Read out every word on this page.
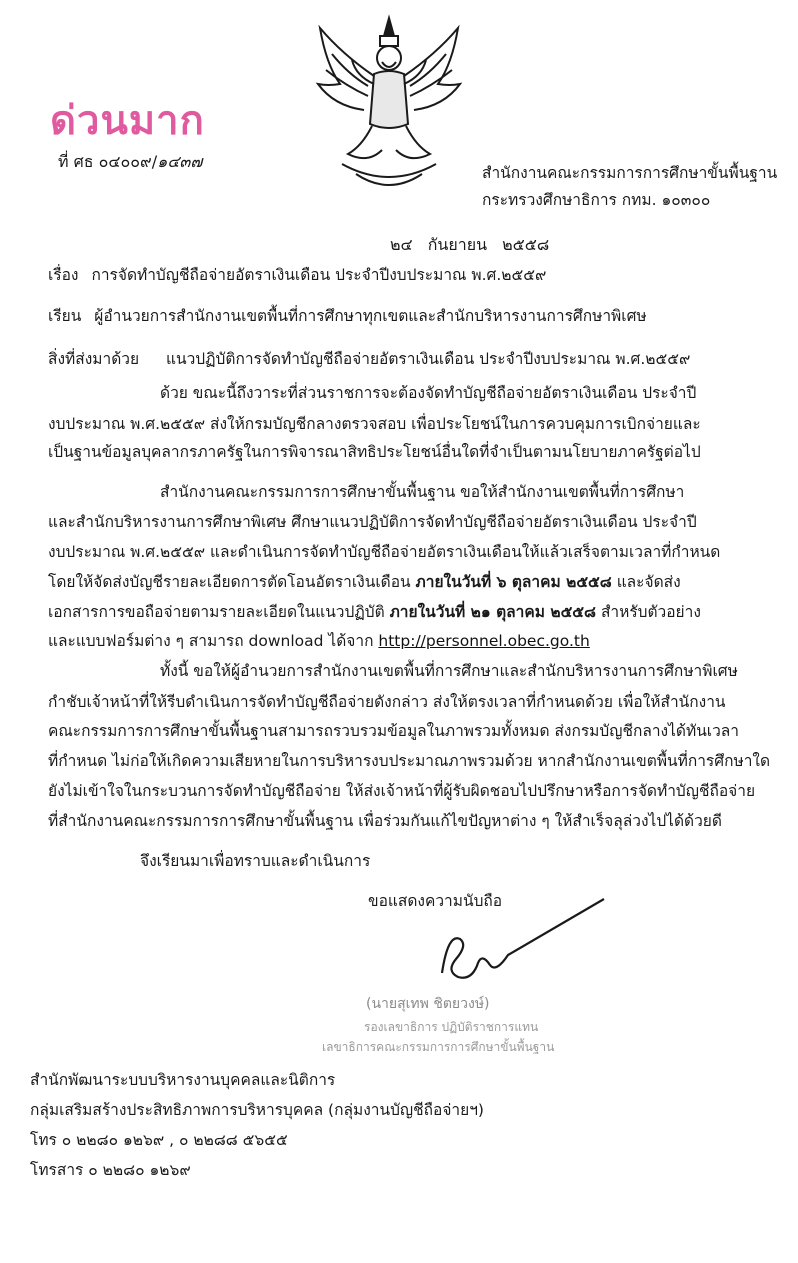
ด่วนมาก
ที่ ศธ ๐๔๐๐๙/๑๔๓๗
สำนักงานคณะกรรมการการศึกษาขั้นพื้นฐาน
กระทรวงศึกษาธิการ กทม. ๑๐๓๐๐
๒๔ กันยายน ๒๕๕๘
เรื่อง การจัดทำบัญชีถือจ่ายอัตราเงินเดือน ประจำปีงบประมาณ พ.ศ.๒๕๕๙
เรียน ผู้อำนวยการสำนักงานเขตพื้นที่การศึกษาทุกเขตและสำนักบริหารงานการศึกษาพิเศษ
สิ่งที่ส่งมาด้วย แนวปฏิบัติการจัดทำบัญชีถือจ่ายอัตราเงินเดือน ประจำปีงบประมาณ พ.ศ.๒๕๕๙
ด้วย ขณะนี้ถึงวาระที่ส่วนราชการจะต้องจัดทำบัญชีถือจ่ายอัตราเงินเดือน ประจำปี
งบประมาณ พ.ศ.๒๕๕๙ ส่งให้กรมบัญชีกลางตรวจสอบ เพื่อประโยชน์ในการควบคุมการเบิกจ่ายและ
เป็นฐานข้อมูลบุคลากรภาครัฐในการพิจารณาสิทธิประโยชน์อื่นใดที่จำเป็นตามนโยบายภาครัฐต่อไป
สำนักงานคณะกรรมการการศึกษาขั้นพื้นฐาน ขอให้สำนักงานเขตพื้นที่การศึกษา
และสำนักบริหารงานการศึกษาพิเศษ ศึกษาแนวปฏิบัติการจัดทำบัญชีถือจ่ายอัตราเงินเดือน ประจำปี
งบประมาณ พ.ศ.๒๕๕๙ และดำเนินการจัดทำบัญชีถือจ่ายอัตราเงินเดือนให้แล้วเสร็จตามเวลาที่กำหนด
โดยให้จัดส่งบัญชีรายละเอียดการตัดโอนอัตราเงินเดือน ภายในวันที่ ๖ ตุลาคม ๒๕๕๘ และจัดส่ง
เอกสารการขอถือจ่ายตามรายละเอียดในแนวปฏิบัติ ภายในวันที่ ๒๑ ตุลาคม ๒๕๕๘ สำหรับตัวอย่าง
และแบบฟอร์มต่าง ๆ สามารถ download ได้จาก http://personnel.obec.go.th
ทั้งนี้ ขอให้ผู้อำนวยการสำนักงานเขตพื้นที่การศึกษาและสำนักบริหารงานการศึกษาพิเศษ
กำชับเจ้าหน้าที่ให้รีบดำเนินการจัดทำบัญชีถือจ่ายดังกล่าว ส่งให้ตรงเวลาที่กำหนดด้วย เพื่อให้สำนักงาน
คณะกรรมการการศึกษาขั้นพื้นฐานสามารถรวบรวมข้อมูลในภาพรวมทั้งหมด ส่งกรมบัญชีกลางได้ทันเวลา
ที่กำหนด ไม่ก่อให้เกิดความเสียหายในการบริหารงบประมาณภาพรวมด้วย หากสำนักงานเขตพื้นที่การศึกษาใด
ยังไม่เข้าใจในกระบวนการจัดทำบัญชีถือจ่าย ให้ส่งเจ้าหน้าที่ผู้รับผิดชอบไปปรึกษาหรือการจัดทำบัญชีถือจ่าย
ที่สำนักงานคณะกรรมการการศึกษาขั้นพื้นฐาน เพื่อร่วมกันแก้ไขปัญหาต่าง ๆ ให้สำเร็จลุล่วงไปได้ด้วยดี
จึงเรียนมาเพื่อทราบและดำเนินการ
ขอแสดงความนับถือ
(นายสุเทพ ชิตยวงษ์)
รองเลขาธิการ ปฏิบัติราชการแทน
เลขาธิการคณะกรรมการการศึกษาขั้นพื้นฐาน
สำนักพัฒนาระบบบริหารงานบุคคลและนิติการ
กลุ่มเสริมสร้างประสิทธิภาพการบริหารบุคคล (กลุ่มงานบัญชีถือจ่ายฯ)
โทร ๐ ๒๒๘๐ ๑๒๖๙ , ๐ ๒๒๘๘ ๕๖๕๕
โทรสาร ๐ ๒๒๘๐ ๑๒๖๙
